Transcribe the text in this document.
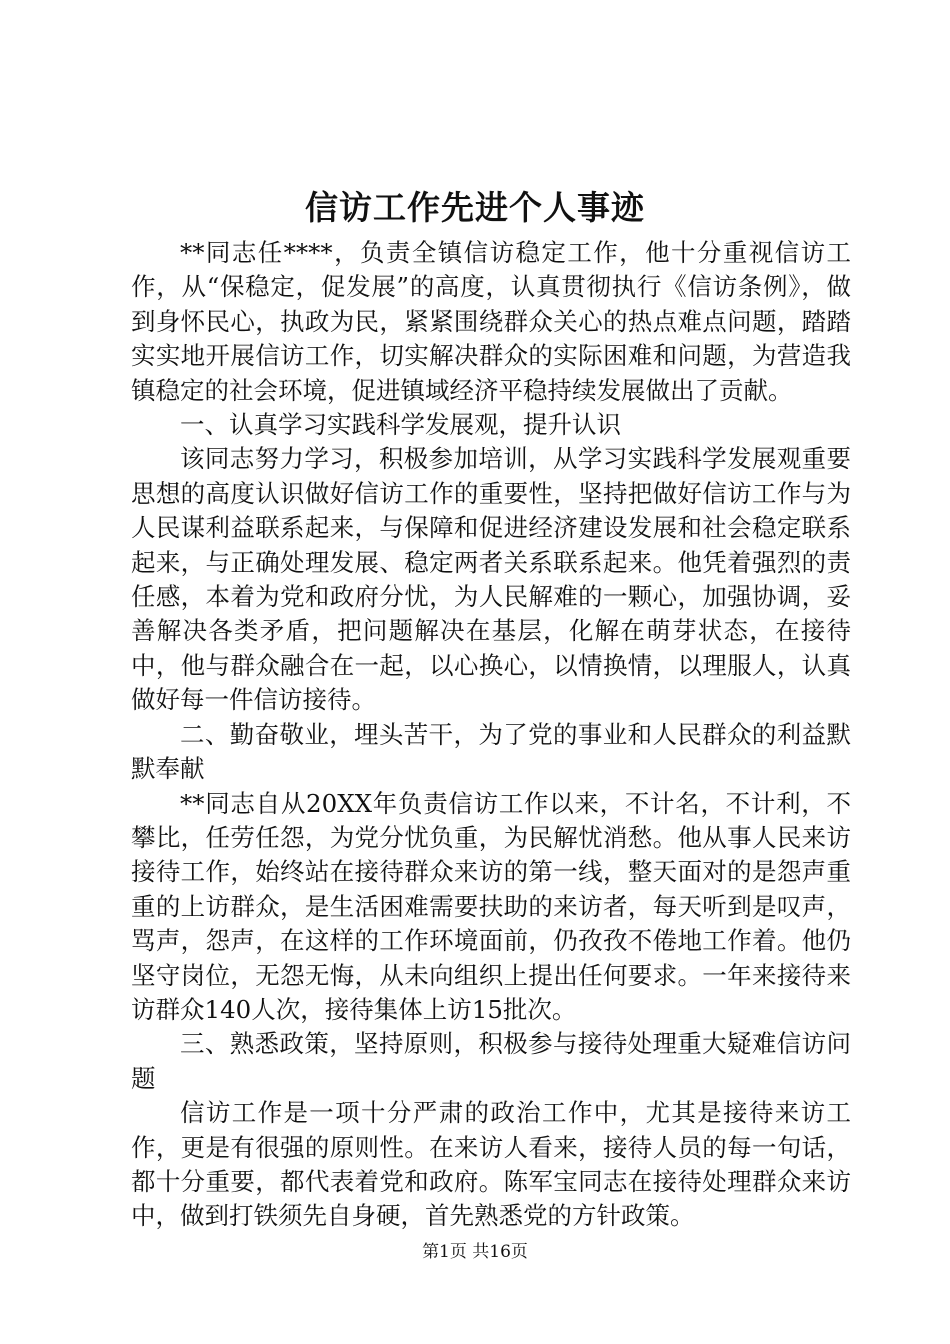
信访工作先进个人事迹

**同志任****，负责全镇信访稳定工作，他十分重视信访工作，从“保稳定，促发展”的高度，认真贯彻执行《信访条例》，做到身怀民心，执政为民，紧紧围绕群众关心的热点难点问题，踏踏实实地开展信访工作，切实解决群众的实际困难和问题，为营造我镇稳定的社会环境，促进镇域经济平稳持续发展做出了贡献。

一、认真学习实践科学发展观，提升认识

该同志努力学习，积极参加培训，从学习实践科学发展观重要思想的高度认识做好信访工作的重要性，坚持把做好信访工作与为人民谋利益联系起来，与保障和促进经济建设发展和社会稳定联系起来，与正确处理发展、稳定两者关系联系起来。他凭着强烈的责任感，本着为党和政府分忧，为人民解难的一颗心，加强协调，妥善解决各类矛盾，把问题解决在基层，化解在萌芽状态，在接待中，他与群众融合在一起，以心换心，以情换情，以理服人，认真做好每一件信访接待。

二、勤奋敬业，埋头苦干，为了党的事业和人民群众的利益默默奉献

**同志自从20XX年负责信访工作以来，不计名，不计利，不攀比，任劳任怨，为党分忧负重，为民解忧消愁。他从事人民来访接待工作，始终站在接待群众来访的第一线，整天面对的是怨声重重的上访群众，是生活困难需要扶助的来访者，每天听到是叹声，骂声，怨声，在这样的工作环境面前，仍孜孜不倦地工作着。他仍坚守岗位，无怨无悔，从未向组织上提出任何要求。一年来接待来访群众140人次，接待集体上访15批次。

三、熟悉政策，坚持原则，积极参与接待处理重大疑难信访问题

信访工作是一项十分严肃的政治工作中，尤其是接待来访工作，更是有很强的原则性。在来访人看来，接待人员的每一句话，都十分重要，都代表着党和政府。陈军宝同志在接待处理群众来访中，做到打铁须先自身硬，首先熟悉党的方针政策。

第1页 共16页
